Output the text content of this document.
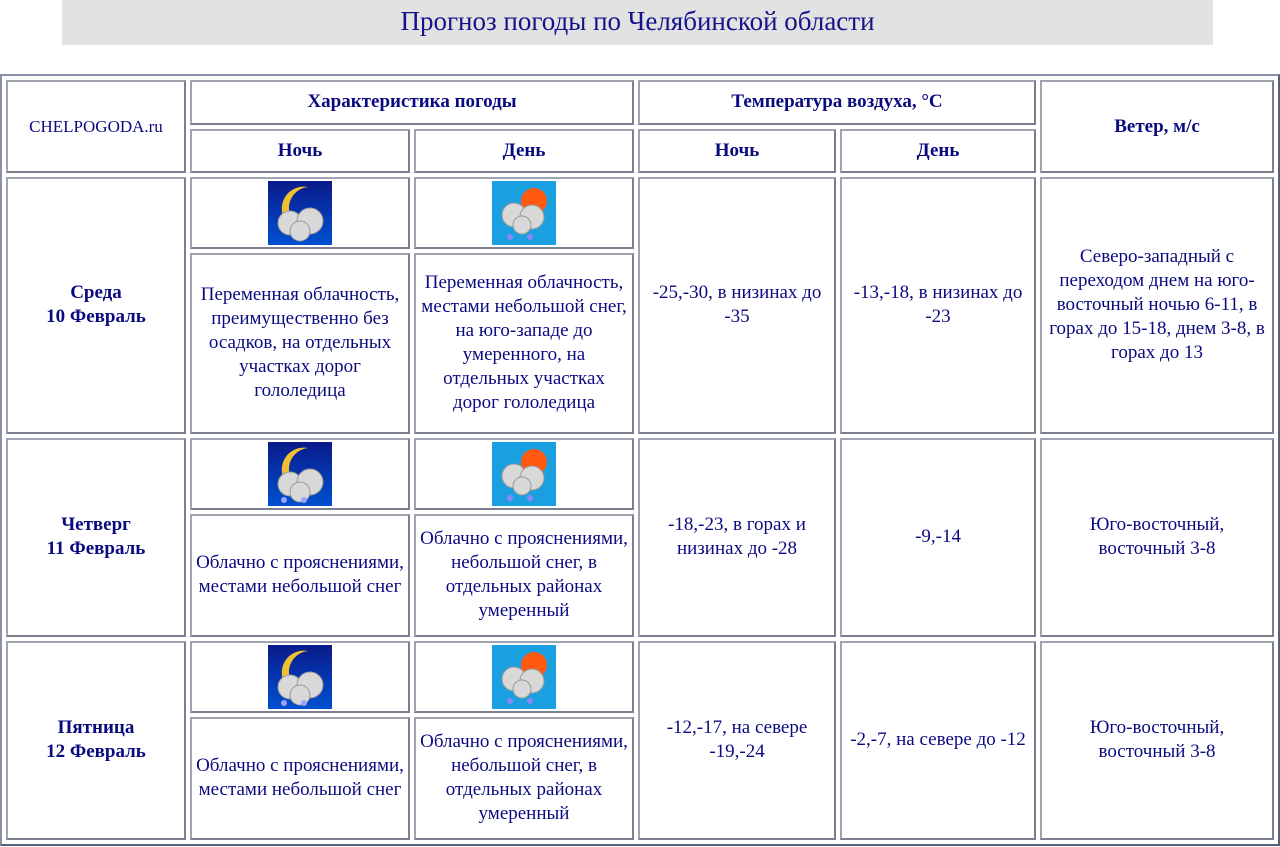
Прогноз погоды по Челябинской области
CHELPOGODA.ru	Характеристика погоды		Температура воздуха, °С		Ветер, м/с
	Ночь	День	Ночь	День	
Среда
10 Февраль			-25,-30, в низинах до -35	-13,-18, в низинах до -23	Северо-западный с переходом днем на юго-восточный ночью 6-11, в горах до 15-18, днем 3-8, в горах до 13
	Переменная облачность, преимущественно без осадков, на отдельных участках дорог гололедица	Переменная облачность, местами небольшой снег, на юго-западе до умеренного, на отдельных участках дорог гололедица			
Четверг
11 Февраль			-18,-23, в горах и низинах до -28	-9,-14	Юго-восточный, восточный 3-8
	Облачно с прояснениями, местами небольшой снег	Облачно с прояснениями, небольшой снег, в отдельных районах умеренный			
Пятница
12 Февраль			-12,-17, на севере -19,-24	-2,-7, на севере до -12	Юго-восточный, восточный 3-8
	Облачно с прояснениями, местами небольшой снег	Облачно с прояснениями, небольшой снег, в отдельных районах умеренный			
